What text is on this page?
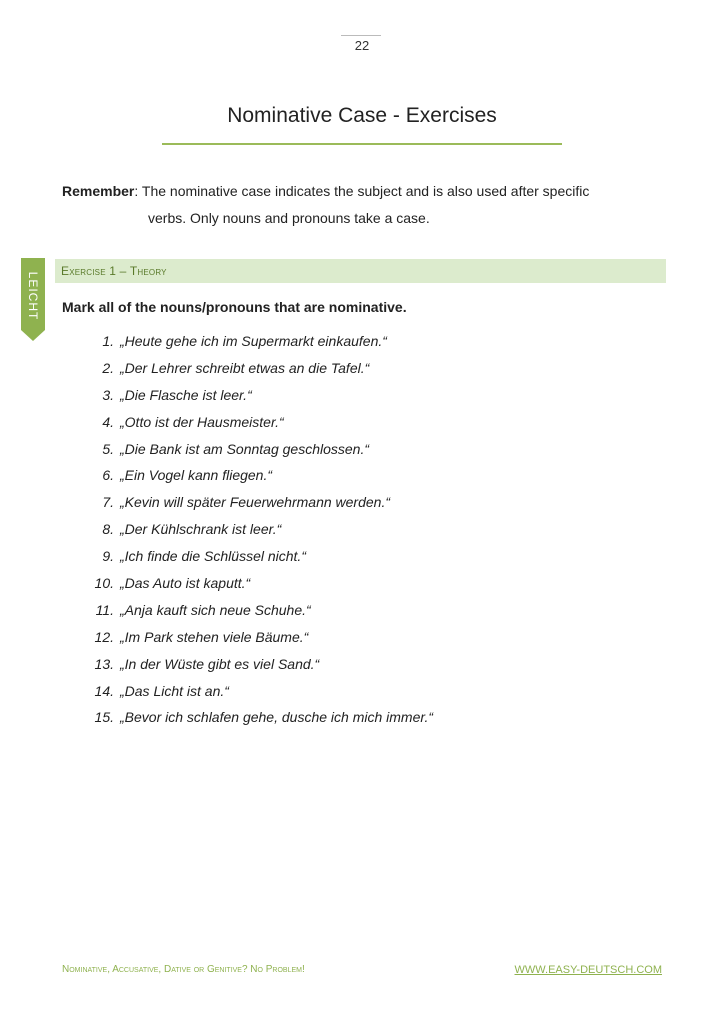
22
Nominative Case - Exercises
Remember: The nominative case indicates the subject and is also used after specific
verbs. Only nouns and pronouns take a case.
LEICHT
Exercise 1 – Theory
Mark all of the nouns/pronouns that are nominative.
1. „Heute gehe ich im Supermarkt einkaufen.“
2. „Der Lehrer schreibt etwas an die Tafel.“
3. „Die Flasche ist leer.“
4. „Otto ist der Hausmeister.“
5. „Die Bank ist am Sonntag geschlossen.“
6. „Ein Vogel kann fliegen.“
7. „Kevin will später Feuerwehrmann werden.“
8. „Der Kühlschrank ist leer.“
9. „Ich finde die Schlüssel nicht.“
10. „Das Auto ist kaputt.“
11. „Anja kauft sich neue Schuhe.“
12. „Im Park stehen viele Bäume.“
13. „In der Wüste gibt es viel Sand.“
14. „Das Licht ist an.“
15. „Bevor ich schlafen gehe, dusche ich mich immer.“
Nominative, Accusative, Dative or Genitive? No Problem!	WWW.EASY-DEUTSCH.COM
